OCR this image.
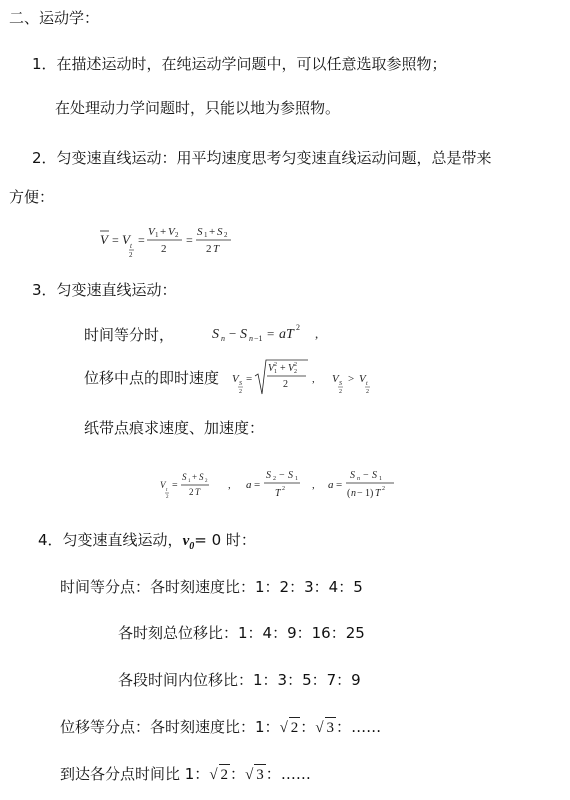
二、运动学：
1．在描述运动时，在纯运动学问题中，可以任意选取参照物；
在处理动力学问题时，只能以地为参照物。
2．匀变速直线运动：用平均速度思考匀变速直线运动问题，总是带来
方便：
V = V t
2
=
V 1 + V 2
2
=
S 1 + S 2
2 T
3．匀变速直线运动：
时间等分时，	S n − S n −1 = aT 2 ,
位移中点的即时速度 V S
2
=
V 2
1 + V 2
2
2 , V S
2
> V t
2
纸带点痕求速度、加速度：
V
t
2
=
S 1 + S 2
2 T
, a =
S 2 − S 1
T 2 , a =
S n − S 1
( n − 1) T 2
4．匀变速直线运动，$v_0= 0$ 时：
时间等分点：各时刻速度比：1：2：3：4：5
各时刻总位移比：1：4：9：16：25
各段时间内位移比：1：3：5：7：9
位移等分点：各时刻速度比：1：√ 2 ：√ 3 ：……
到达各分点时间比 1：√ 2 ：√ 3 ：……
